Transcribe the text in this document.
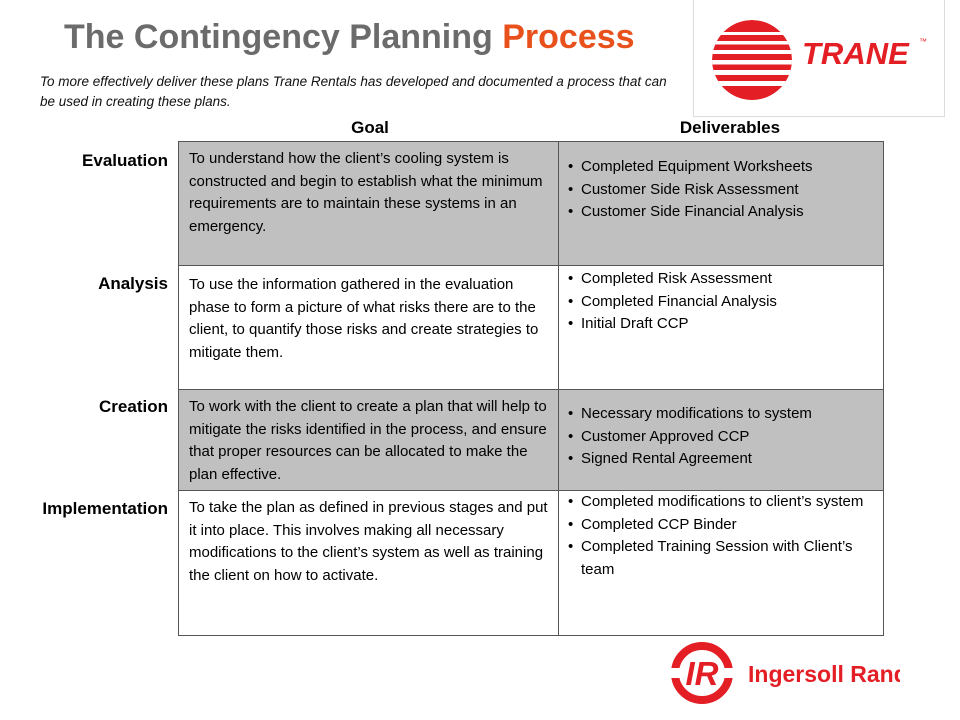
The Contingency Planning Process

To more effectively deliver these plans Trane Rentals has developed and documented a process that can be used in creating these plans.

TRANE ™
Goal	Deliverables
Evaluation
Analysis
Creation
Implementation
To understand how the client’s cooling system is constructed and begin to establish what the minimum requirements are to maintain these systems in an emergency.
• Completed Equipment Worksheets
• Customer Side Risk Assessment
• Customer Side Financial Analysis
To use the information gathered in the evaluation phase to form a picture of what risks there are to the client, to quantify those risks and create strategies to mitigate them.
• Completed Risk Assessment
• Completed Financial Analysis
• Initial Draft CCP
To work with the client to create a plan that will help to mitigate the risks identified in the process, and ensure that proper resources can be allocated to make the plan effective.
• Necessary modifications to system
• Customer Approved CCP
• Signed Rental Agreement
To take the plan as defined in previous stages and put it into place. This involves making all necessary modifications to the client’s system as well as training the client on how to activate.
• Completed modifications to client’s system
• Completed CCP Binder
• Completed Training Session with Client’s team
IR Ingersoll Rand
